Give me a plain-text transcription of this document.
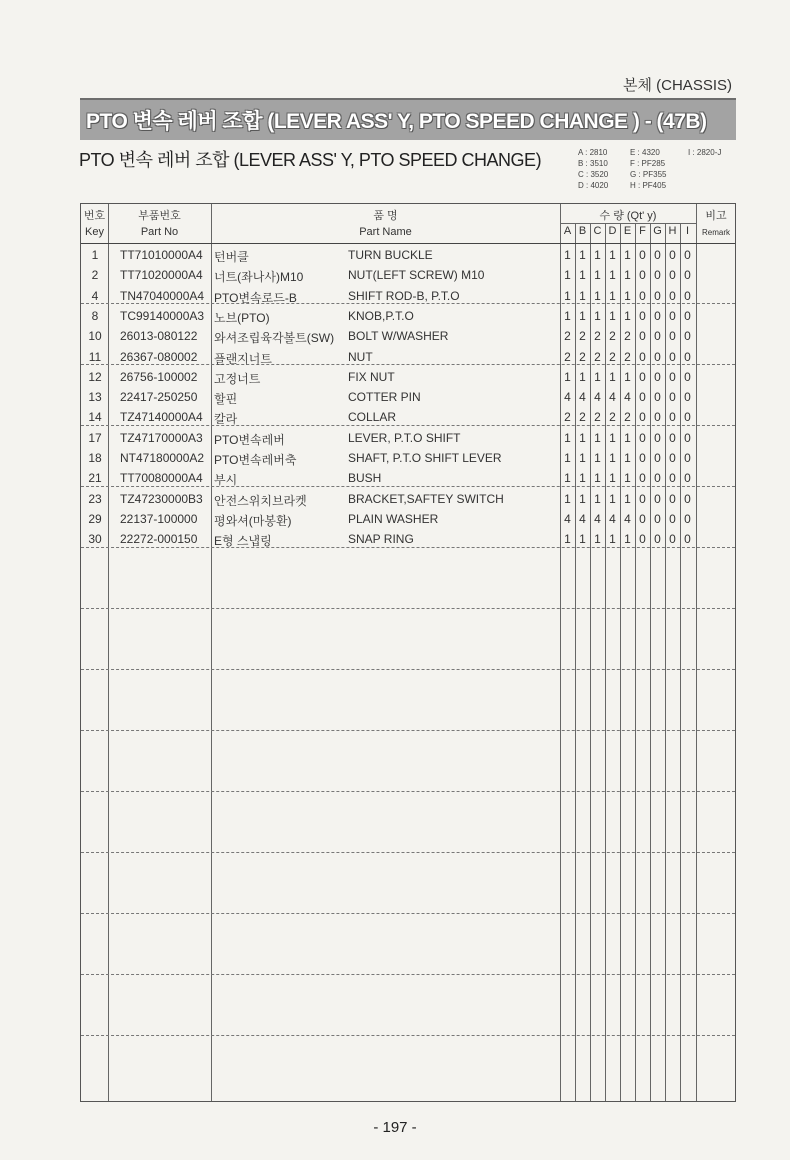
본체 (CHASSIS)
PTO 변속 레버 조합 (LEVER ASS' Y, PTO SPEED CHANGE ) - (47B)
PTO 변속 레버 조합 (LEVER ASS' Y, PTO SPEED CHANGE)	A : 2810
B : 3510
C : 3520
D : 4020
E : 4320
F : PF285
G : PF355
H : PF405
I : 2820-J
번호
Key
부품번호
Part No
품 명
Part Name
수 량 (Qt' y)	비고
Remark
A B C D E F G H I
1	TT71010000A4 턴버클	TURN BUCKLE	1 1 1 1 1 0 0 0 0
2	TT71020000A4 너트(좌나사)M10	NUT(LEFT SCREW) M10	1 1 1 1 1 0 0 0 0
4	TN47040000A4 PTO변속로드-B	SHIFT ROD-B, P.T.O	1 1 1 1 1 0 0 0 0
8	TC99140000A3 노브(PTO)	KNOB,P.T.O	1 1 1 1 1 0 0 0 0
10	26013-080122 와셔조립육각볼트(SW) BOLT W/WASHER	2 2 2 2 2 0 0 0 0
11	26367-080002 플랜지너트	NUT	2 2 2 2 2 0 0 0 0
12	26756-100002 고정너트	FIX NUT	1 1 1 1 1 0 0 0 0
13	22417-250250 할핀	COTTER PIN	4 4 4 4 4 0 0 0 0
14	TZ47140000A4 칼라	COLLAR	2 2 2 2 2 0 0 0 0
17	TZ47170000A3 PTO변속레버	LEVER, P.T.O SHIFT	1 1 1 1 1 0 0 0 0
18	NT47180000A2 PTO변속레버축	SHAFT, P.T.O SHIFT LEVER	1 1 1 1 1 0 0 0 0
21	TT70080000A4 부시	BUSH	1 1 1 1 1 0 0 0 0
23	TZ47230000B3 안전스위치브라켓	BRACKET,SAFTEY SWITCH	1 1 1 1 1 0 0 0 0
29	22137-100000 평와셔(마봉환)	PLAIN WASHER	4 4 4 4 4 0 0 0 0
30	22272-000150 E형 스냅링	SNAP RING	1 1 1 1 1 0 0 0 0
- 197 -
